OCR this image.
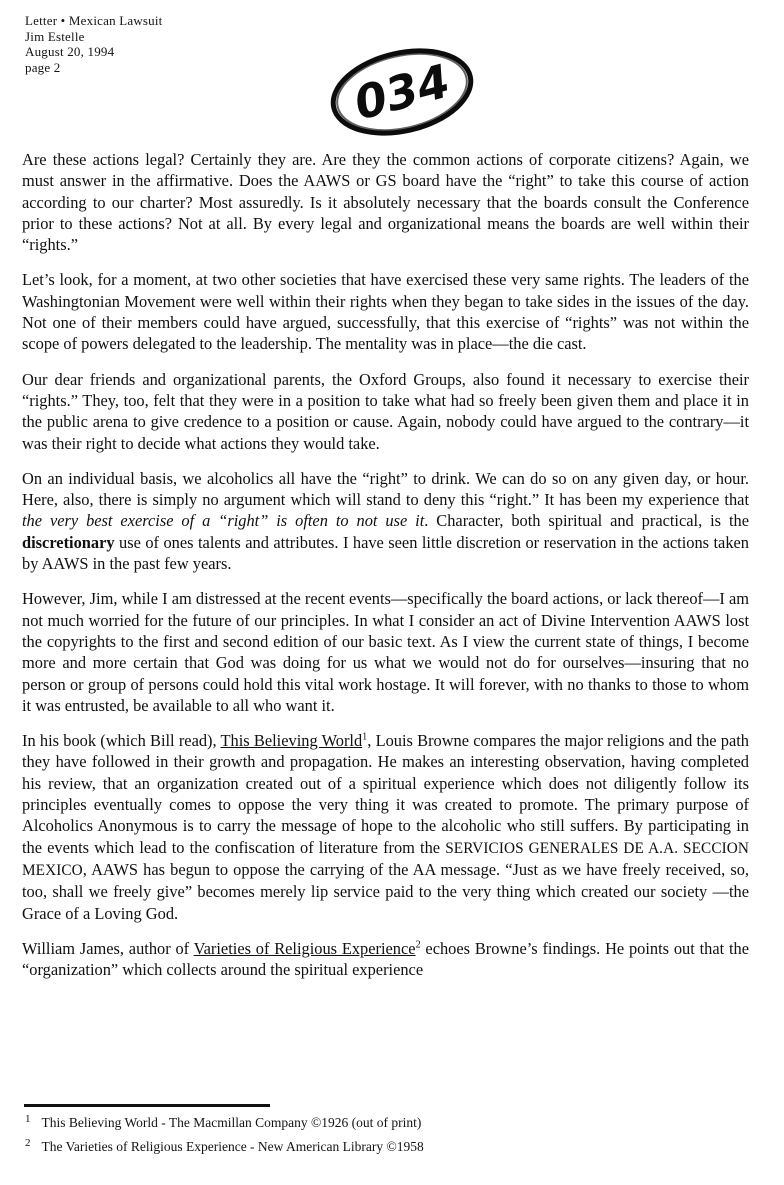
Letter • Mexican Lawsuit
Jim Estelle
August 20, 1994
page 2	034

Are these actions legal? Certainly they are. Are they the common actions of corporate citizens? Again, we must answer in the affirmative. Does the AAWS or GS board have the “right” to take this course of action according to our charter? Most assuredly. Is it absolutely necessary that the boards consult the Conference prior to these actions? Not at all. By every legal and organizational means the boards are well within their “rights.”

Let’s look, for a moment, at two other societies that have exercised these very same rights. The leaders of the Washingtonian Movement were well within their rights when they began to take sides in the issues of the day. Not one of their members could have argued, successfully, that this exercise of “rights” was not within the scope of powers delegated to the leadership. The mentality was in place—the die cast.

Our dear friends and organizational parents, the Oxford Groups, also found it necessary to exercise their “rights.” They, too, felt that they were in a position to take what had so freely been given them and place it in the public arena to give credence to a position or cause. Again, nobody could have argued to the contrary—it was their right to decide what actions they would take.

On an individual basis, we alcoholics all have the “right” to drink. We can do so on any given day, or hour. Here, also, there is simply no argument which will stand to deny this “right.” It has been my experience that the very best exercise of a “right” is often to not use it. Character, both spiritual and practical, is the discretionary use of ones talents and attributes. I have seen little discretion or reservation in the actions taken by AAWS in the past few years.

However, Jim, while I am distressed at the recent events—specifically the board actions, or lack thereof—I am not much worried for the future of our principles. In what I consider an act of Divine Intervention AAWS lost the copyrights to the first and second edition of our basic text. As I view the current state of things, I become more and more certain that God was doing for us what we would not do for ourselves—insuring that no person or group of persons could hold this vital work hostage. It will forever, with no thanks to those to whom it was entrusted, be available to all who want it.

In his book (which Bill read), This Believing World$^1$, Louis Browne compares the major religions and the path they have followed in their growth and propagation. He makes an interesting observation, having completed his review, that an organization created out of a spiritual experience which does not diligently follow its principles eventually comes to oppose the very thing it was created to promote. The primary purpose of Alcoholics Anonymous is to carry the message of hope to the alcoholic who still suffers. By participating in the events which lead to the confiscation of literature from the SERVICIOS GENERALES DE A.A. SECCION MEXICO, AAWS has begun to oppose the carrying of the AA message. “Just as we have freely received, so, too, shall we freely give” becomes merely lip service paid to the very thing which created our society —the Grace of a Loving God.

William James, author of Varieties of Religious Experience$^2$ echoes Browne’s findings. He points out that the “organization” which collects around the spiritual experience

$^1$ This Believing World - The Macmillan Company ©1926 (out of print)
$^2$ The Varieties of Religious Experience - New American Library ©1958
